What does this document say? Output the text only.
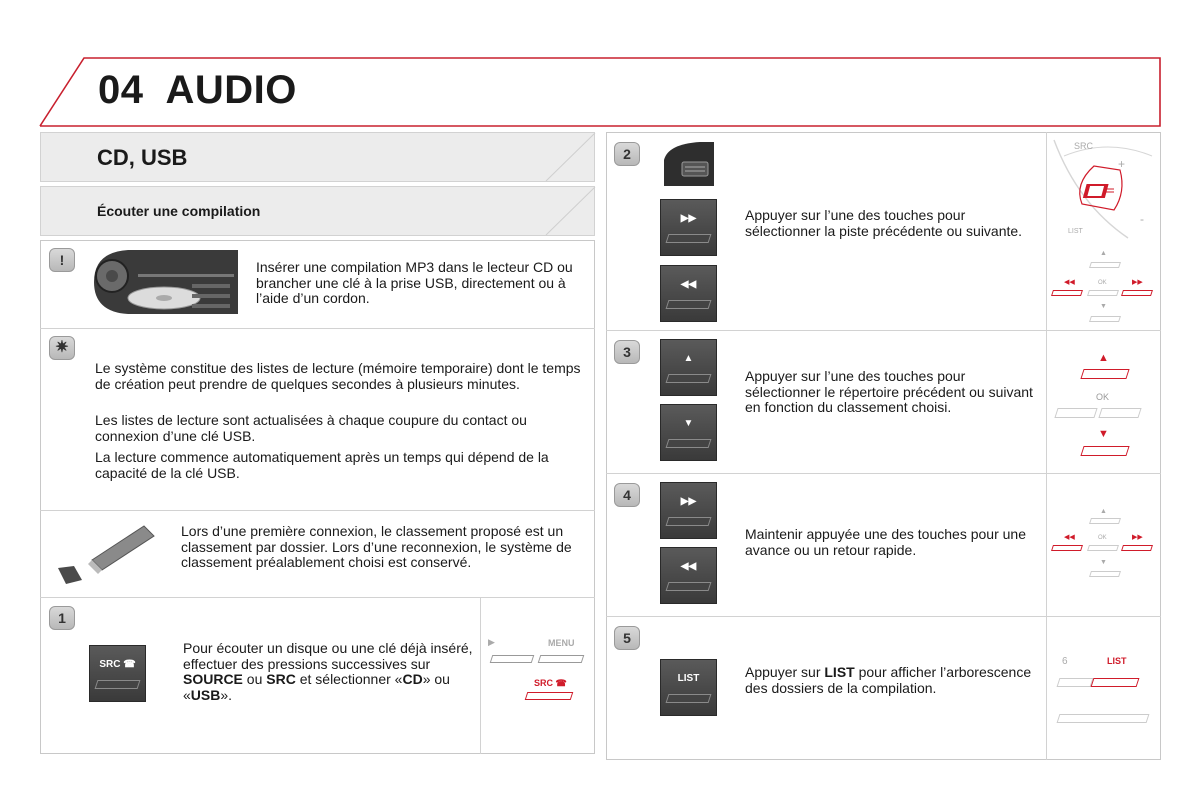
04 AUDIO
CD, USB
Écouter une compilation
!	Insérer une compilation MP3 dans le lecteur CD ou brancher une clé à la prise USB, directement ou à l’aide d’un cordon.
✷
Le système constitue des listes de lecture (mémoire temporaire) dont le temps de création peut prendre de quelques secondes à plusieurs minutes.
Les listes de lecture sont actualisées à chaque coupure du contact ou connexion d’une clé USB.
La lecture commence automatiquement après un temps qui dépend de la capacité de la clé USB.
Lors d’une première connexion, le classement proposé est un classement par dossier. Lors d’une reconnexion, le système de classement préalablement choisi est conservé.
1
SRC ☎
Pour écouter un disque ou une clé déjà inséré, effectuer des pressions successives sur SOURCE ou SRC et sélectionner «CD» ou «USB».
▶	MENU
SRC ☎
2
▶▶
◀◀
Appuyer sur l’une des touches pour sélectionner la piste précédente ou suivante.
SRC
+
-
LIST
▲
◀◀	OK	▶▶
▼
3	▲
▼
Appuyer sur l’une des touches pour sélectionner le répertoire précédent ou suivant en fonction du classement choisi.
▲
OK
▼
4	▶▶
◀◀
Maintenir appuyée une des touches pour une avance ou un retour rapide.
▲
◀◀	OK	▶▶
▼
5
LIST	Appuyer sur LIST pour afficher l’arborescence des dossiers de la compilation.
6	LIST
